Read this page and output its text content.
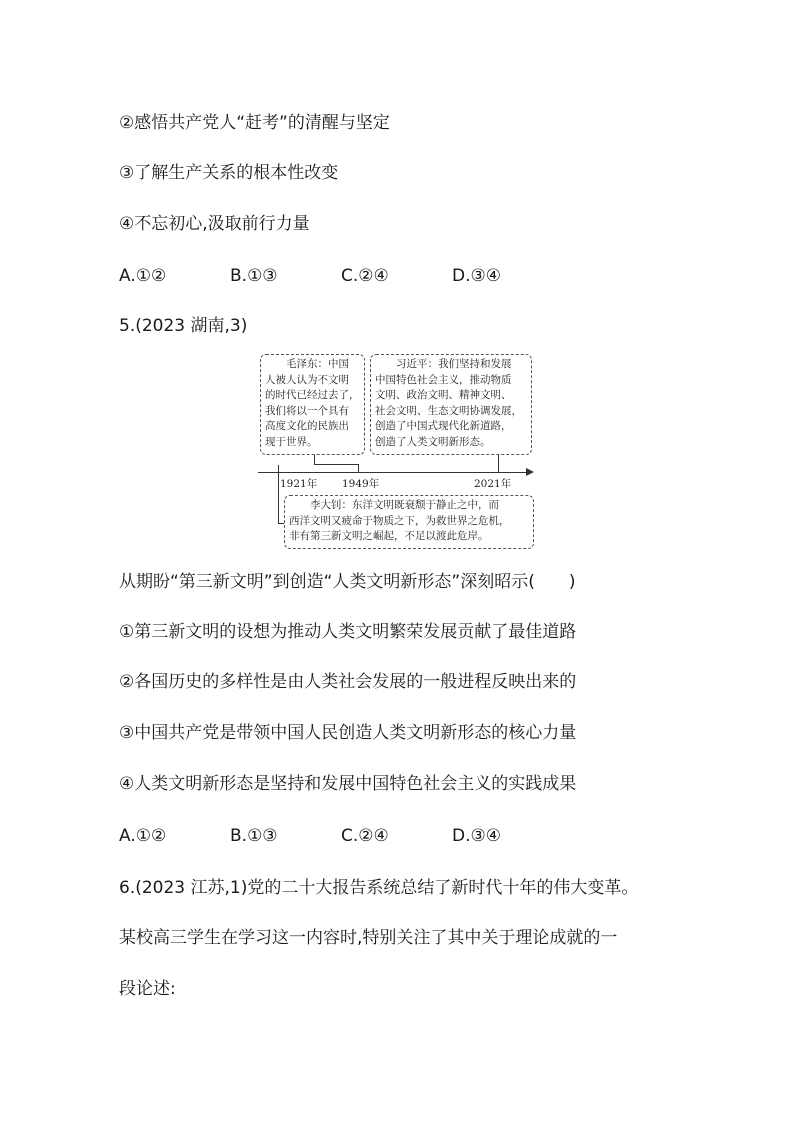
②感悟共产党人“赶考”的清醒与坚定
③了解生产关系的根本性改变
④不忘初心,汲取前行力量
A.①②	B.①③	C.②④	D.③④
5.(2023 湖南,3)
毛泽东：中国
人被人认为不文明
的时代已经过去了，
我们将以一个具有
高度文化的民族出
现于世界。
习近平：我们坚持和发展
中国特色社会主义，推动物质
文明、政治文明、精神文明、
社会文明、生态文明协调发展，
创造了中国式现代化新道路，
创造了人类文明新形态。
1921年 1949年	2021年
李大钊：东洋文明既衰颓于静止之中，而
西洋文明又疲命于物质之下，为救世界之危机，
非有第三新文明之崛起，不足以渡此危岸。
从期盼“第三新文明”到创造“人类文明新形态”深刻昭示( )
①第三新文明的设想为推动人类文明繁荣发展贡献了最佳道路
②各国历史的多样性是由人类社会发展的一般进程反映出来的
③中国共产党是带领中国人民创造人类文明新形态的核心力量
④人类文明新形态是坚持和发展中国特色社会主义的实践成果
A.①②	B.①③	C.②④	D.③④
6.(2023 江苏,1)党的二十大报告系统总结了新时代十年的伟大变革。
某校高三学生在学习这一内容时,特别关注了其中关于理论成就的一
段论述:
